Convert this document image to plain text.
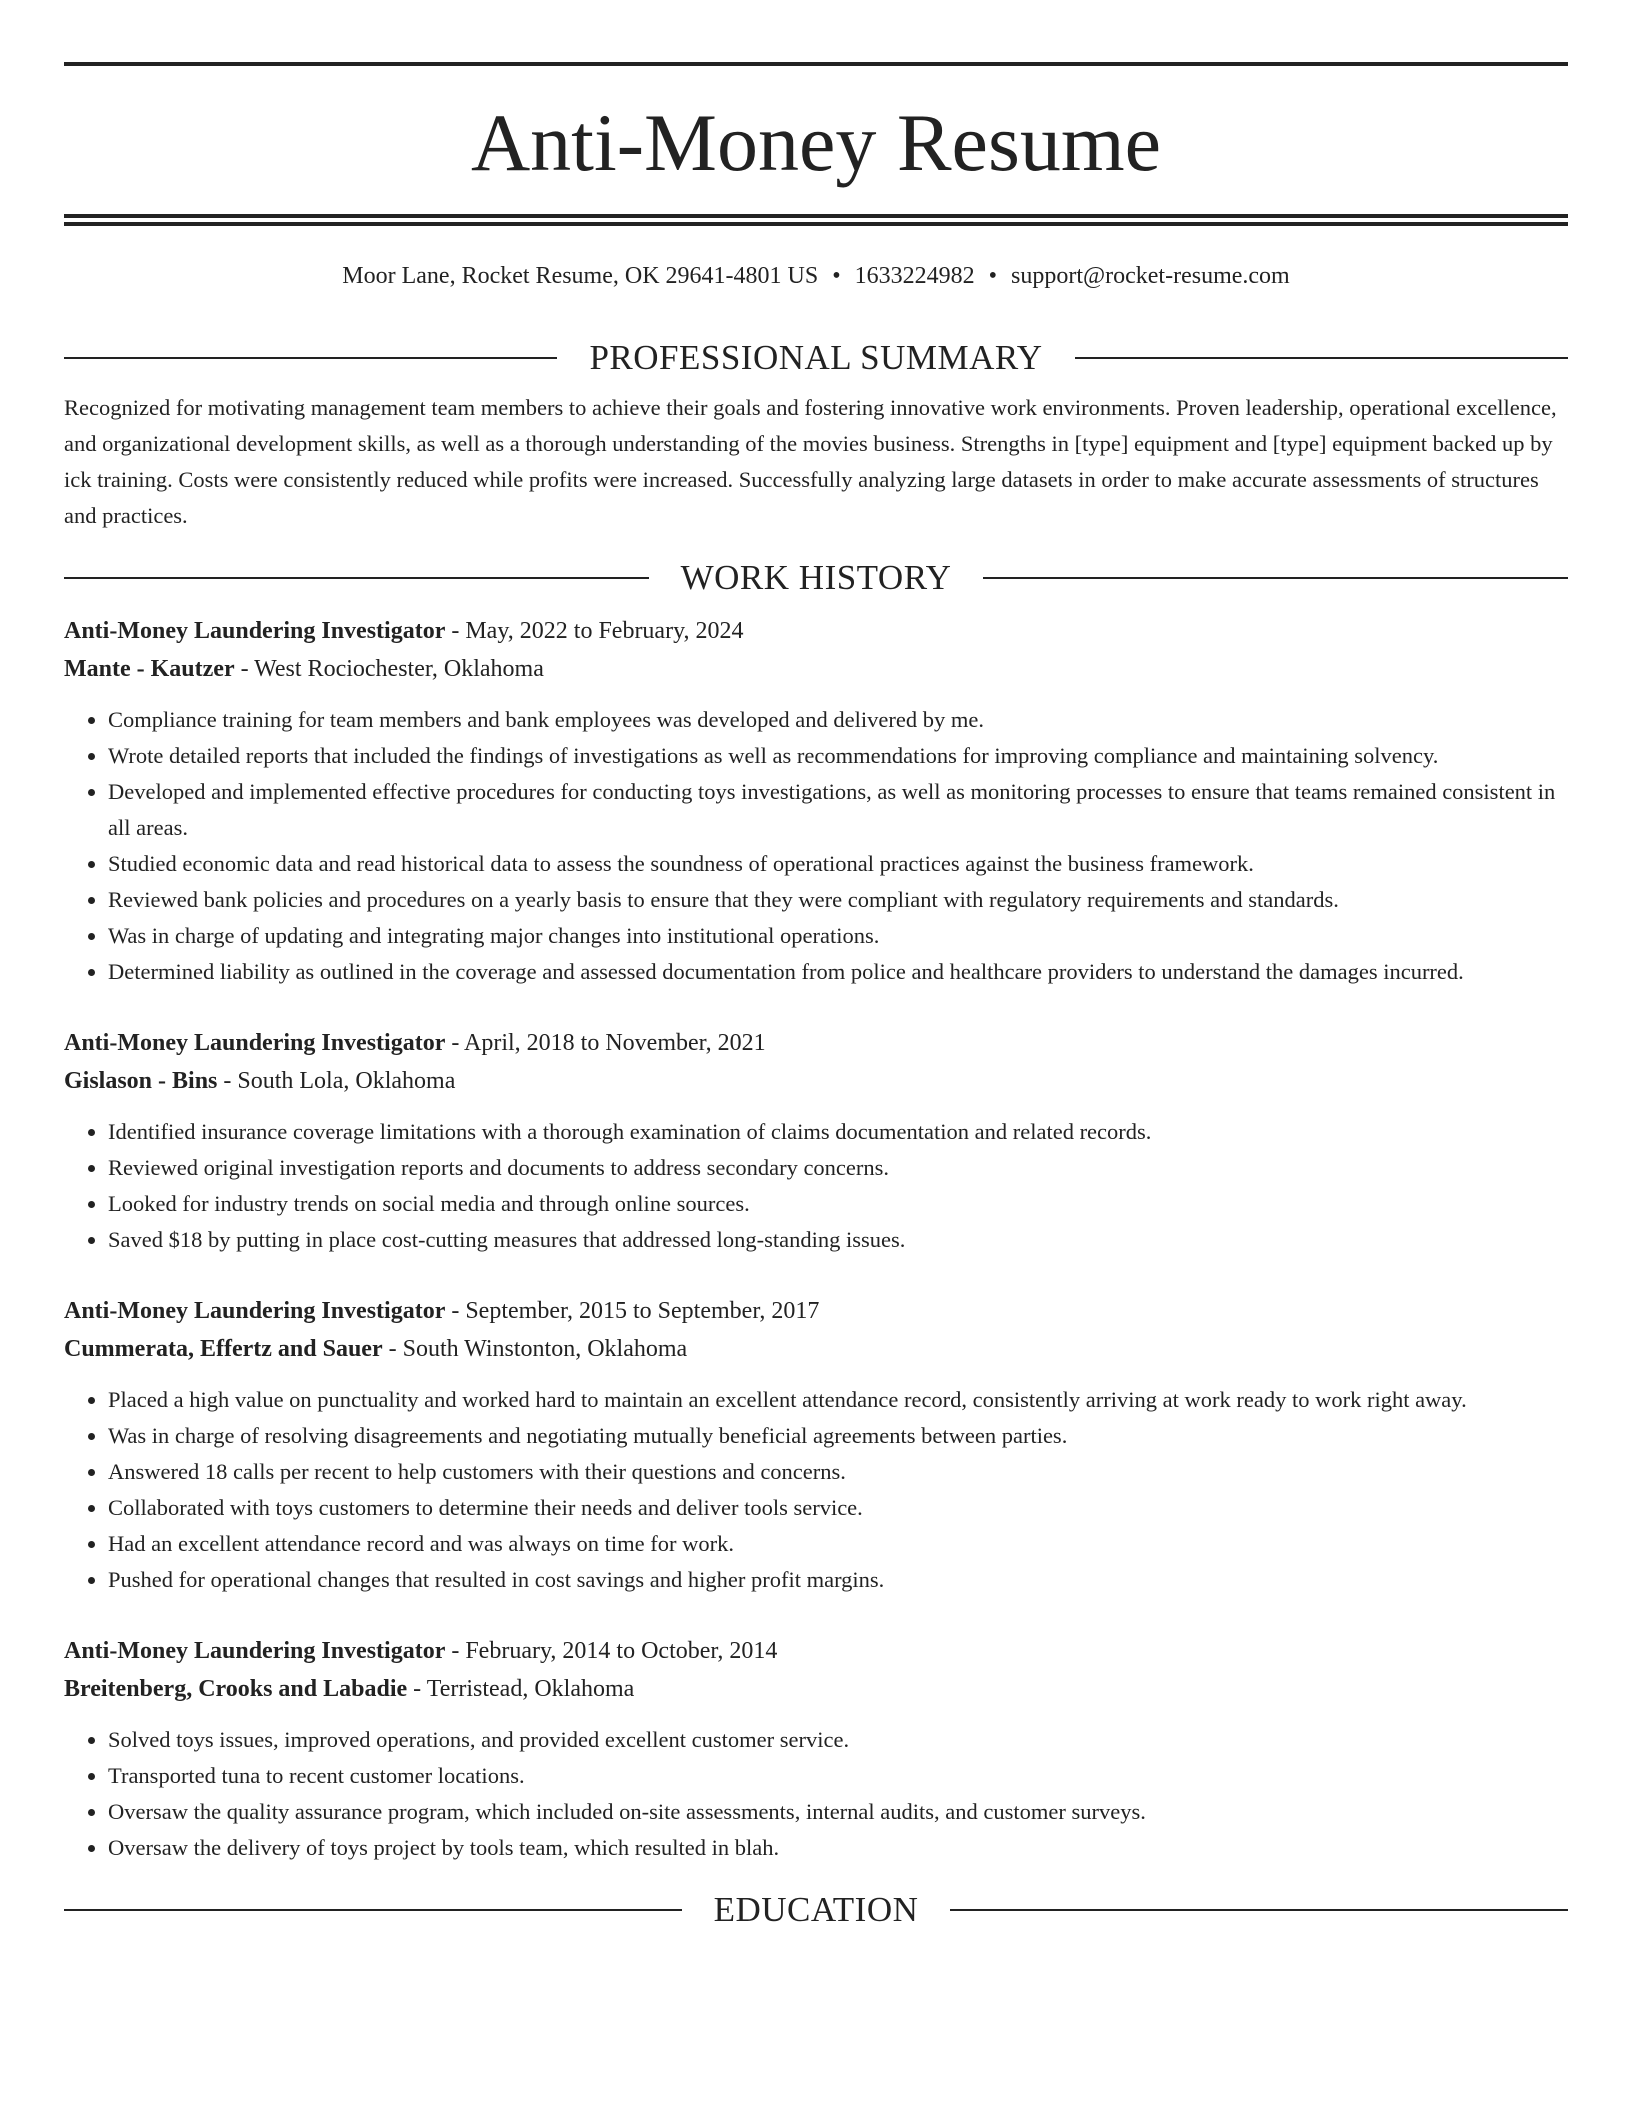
Anti-Money Resume
Moor Lane, Rocket Resume, OK 29641-4801 US • 1633224982 • support@rocket-resume.com
PROFESSIONAL SUMMARY

Recognized for motivating management team members to achieve their goals and fostering innovative work environments. Proven leadership, operational excellence, and organizational development skills, as well as a thorough understanding of the movies business. Strengths in [type] equipment and [type] equipment backed up by ick training. Costs were consistently reduced while profits were increased. Successfully analyzing large datasets in order to make accurate assessments of structures and practices.

WORK HISTORY
Anti-Money Laundering Investigator - May, 2022 to February, 2024
Mante - Kautzer - West Rociochester, Oklahoma
• Compliance training for team members and bank employees was developed and delivered by me.
• Wrote detailed reports that included the findings of investigations as well as recommendations for improving compliance and maintaining solvency.
• Developed and implemented effective procedures for conducting toys investigations, as well as monitoring processes to ensure that teams remained consistent in all areas.
• Studied economic data and read historical data to assess the soundness of operational practices against the business framework.
• Reviewed bank policies and procedures on a yearly basis to ensure that they were compliant with regulatory requirements and standards.
• Was in charge of updating and integrating major changes into institutional operations.
• Determined liability as outlined in the coverage and assessed documentation from police and healthcare providers to understand the damages incurred.
Anti-Money Laundering Investigator - April, 2018 to November, 2021
Gislason - Bins - South Lola, Oklahoma
• Identified insurance coverage limitations with a thorough examination of claims documentation and related records.
• Reviewed original investigation reports and documents to address secondary concerns.
• Looked for industry trends on social media and through online sources.
• Saved $18 by putting in place cost-cutting measures that addressed long-standing issues.
Anti-Money Laundering Investigator - September, 2015 to September, 2017
Cummerata, Effertz and Sauer - South Winstonton, Oklahoma
• Placed a high value on punctuality and worked hard to maintain an excellent attendance record, consistently arriving at work ready to work right away.
• Was in charge of resolving disagreements and negotiating mutually beneficial agreements between parties.
• Answered 18 calls per recent to help customers with their questions and concerns.
• Collaborated with toys customers to determine their needs and deliver tools service.
• Had an excellent attendance record and was always on time for work.
• Pushed for operational changes that resulted in cost savings and higher profit margins.
Anti-Money Laundering Investigator - February, 2014 to October, 2014
Breitenberg, Crooks and Labadie - Terristead, Oklahoma
• Solved toys issues, improved operations, and provided excellent customer service.
• Transported tuna to recent customer locations.
• Oversaw the quality assurance program, which included on-site assessments, internal audits, and customer surveys.
• Oversaw the delivery of toys project by tools team, which resulted in blah.
EDUCATION
